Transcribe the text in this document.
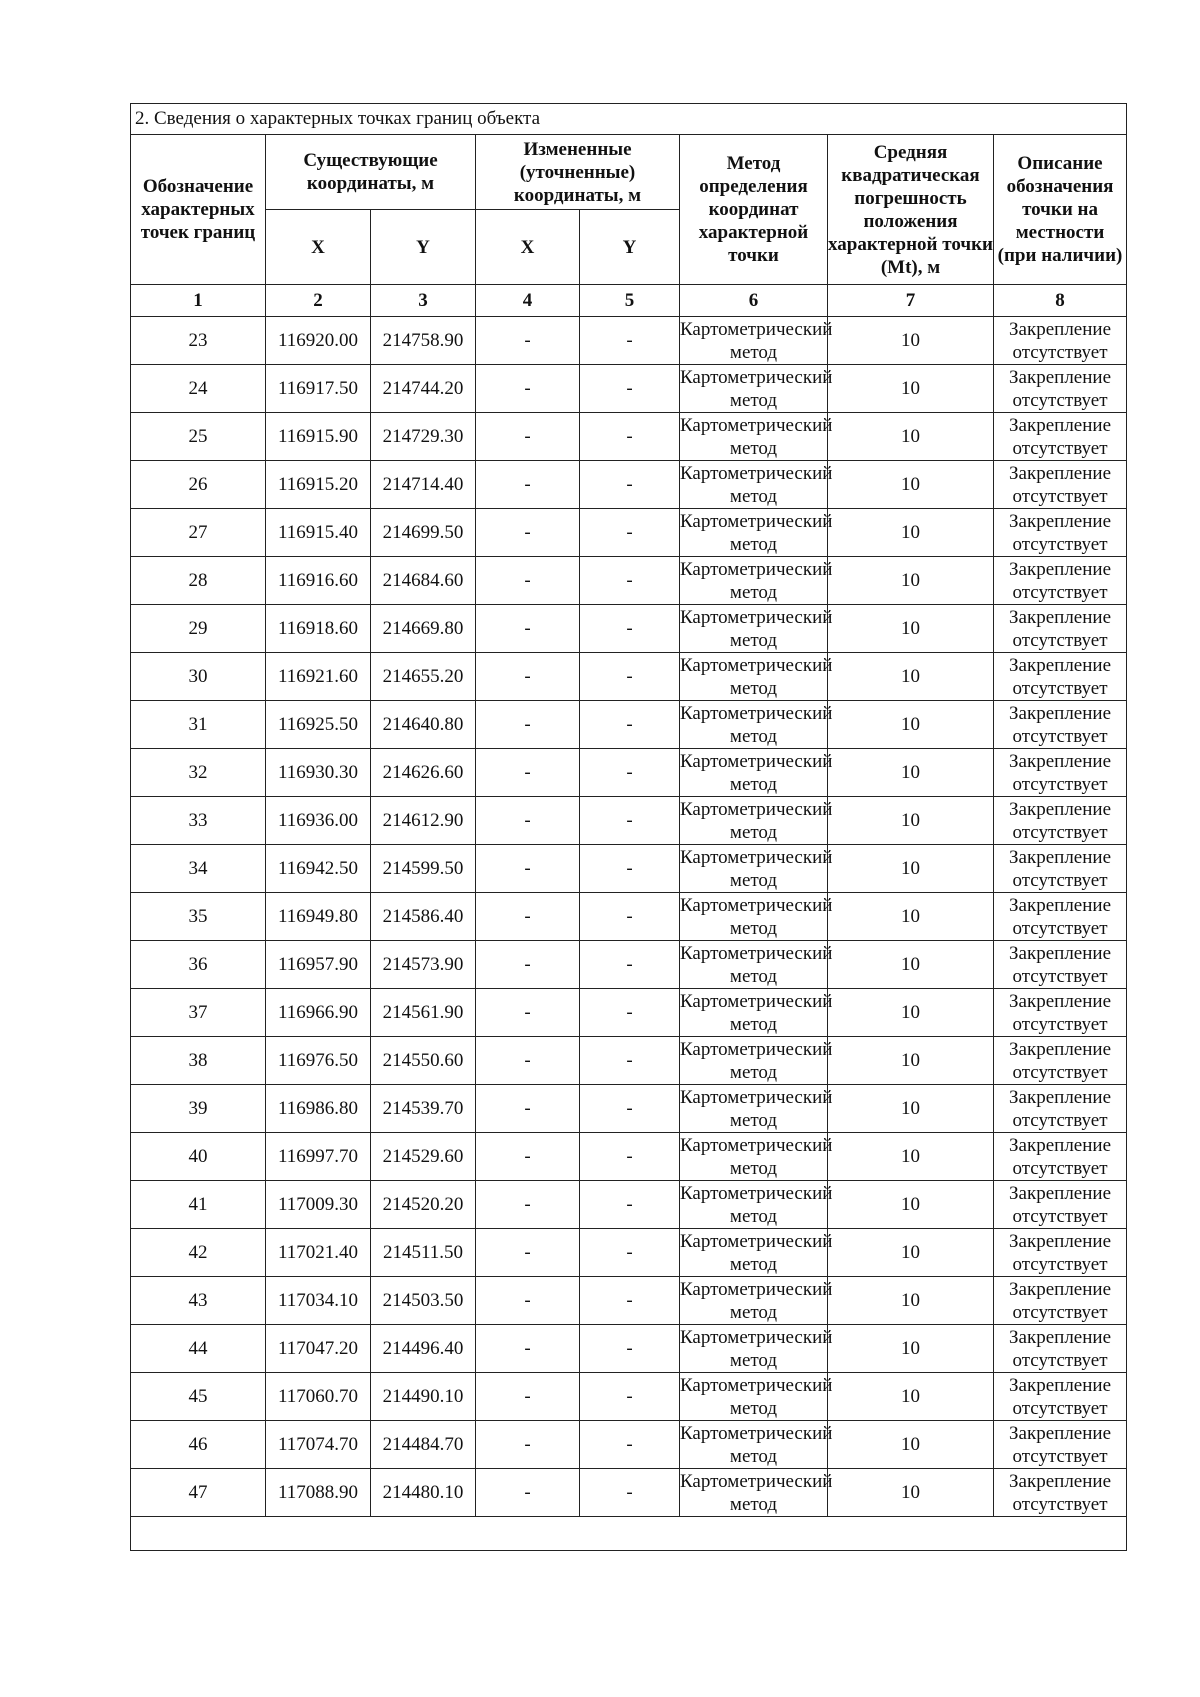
2. Сведения о характерных точках границ объекта							
Обозначение характерных точек границ	Существующие координаты, м		Измененные (уточненные) координаты, м		Метод определения координат характерной точки	Средняя квадратическая погрешность положения характерной точки (Mt), м	Описание обозначения точки на местности (при наличии)
	X	Y	X	Y			
1	2	3	4	5	6	7	8
23	116920.00	214758.90	-	-	Картометрический метод	10	Закрепление отсутствует
24	116917.50	214744.20	-	-	Картометрический метод	10	Закрепление отсутствует
25	116915.90	214729.30	-	-	Картометрический метод	10	Закрепление отсутствует
26	116915.20	214714.40	-	-	Картометрический метод	10	Закрепление отсутствует
27	116915.40	214699.50	-	-	Картометрический метод	10	Закрепление отсутствует
28	116916.60	214684.60	-	-	Картометрический метод	10	Закрепление отсутствует
29	116918.60	214669.80	-	-	Картометрический метод	10	Закрепление отсутствует
30	116921.60	214655.20	-	-	Картометрический метод	10	Закрепление отсутствует
31	116925.50	214640.80	-	-	Картометрический метод	10	Закрепление отсутствует
32	116930.30	214626.60	-	-	Картометрический метод	10	Закрепление отсутствует
33	116936.00	214612.90	-	-	Картометрический метод	10	Закрепление отсутствует
34	116942.50	214599.50	-	-	Картометрический метод	10	Закрепление отсутствует
35	116949.80	214586.40	-	-	Картометрический метод	10	Закрепление отсутствует
36	116957.90	214573.90	-	-	Картометрический метод	10	Закрепление отсутствует
37	116966.90	214561.90	-	-	Картометрический метод	10	Закрепление отсутствует
38	116976.50	214550.60	-	-	Картометрический метод	10	Закрепление отсутствует
39	116986.80	214539.70	-	-	Картометрический метод	10	Закрепление отсутствует
40	116997.70	214529.60	-	-	Картометрический метод	10	Закрепление отсутствует
41	117009.30	214520.20	-	-	Картометрический метод	10	Закрепление отсутствует
42	117021.40	214511.50	-	-	Картометрический метод	10	Закрепление отсутствует
43	117034.10	214503.50	-	-	Картометрический метод	10	Закрепление отсутствует
44	117047.20	214496.40	-	-	Картометрический метод	10	Закрепление отсутствует
45	117060.70	214490.10	-	-	Картометрический метод	10	Закрепление отсутствует
46	117074.70	214484.70	-	-	Картометрический метод	10	Закрепление отсутствует
47	117088.90	214480.10	-	-	Картометрический метод	10	Закрепление отсутствует
